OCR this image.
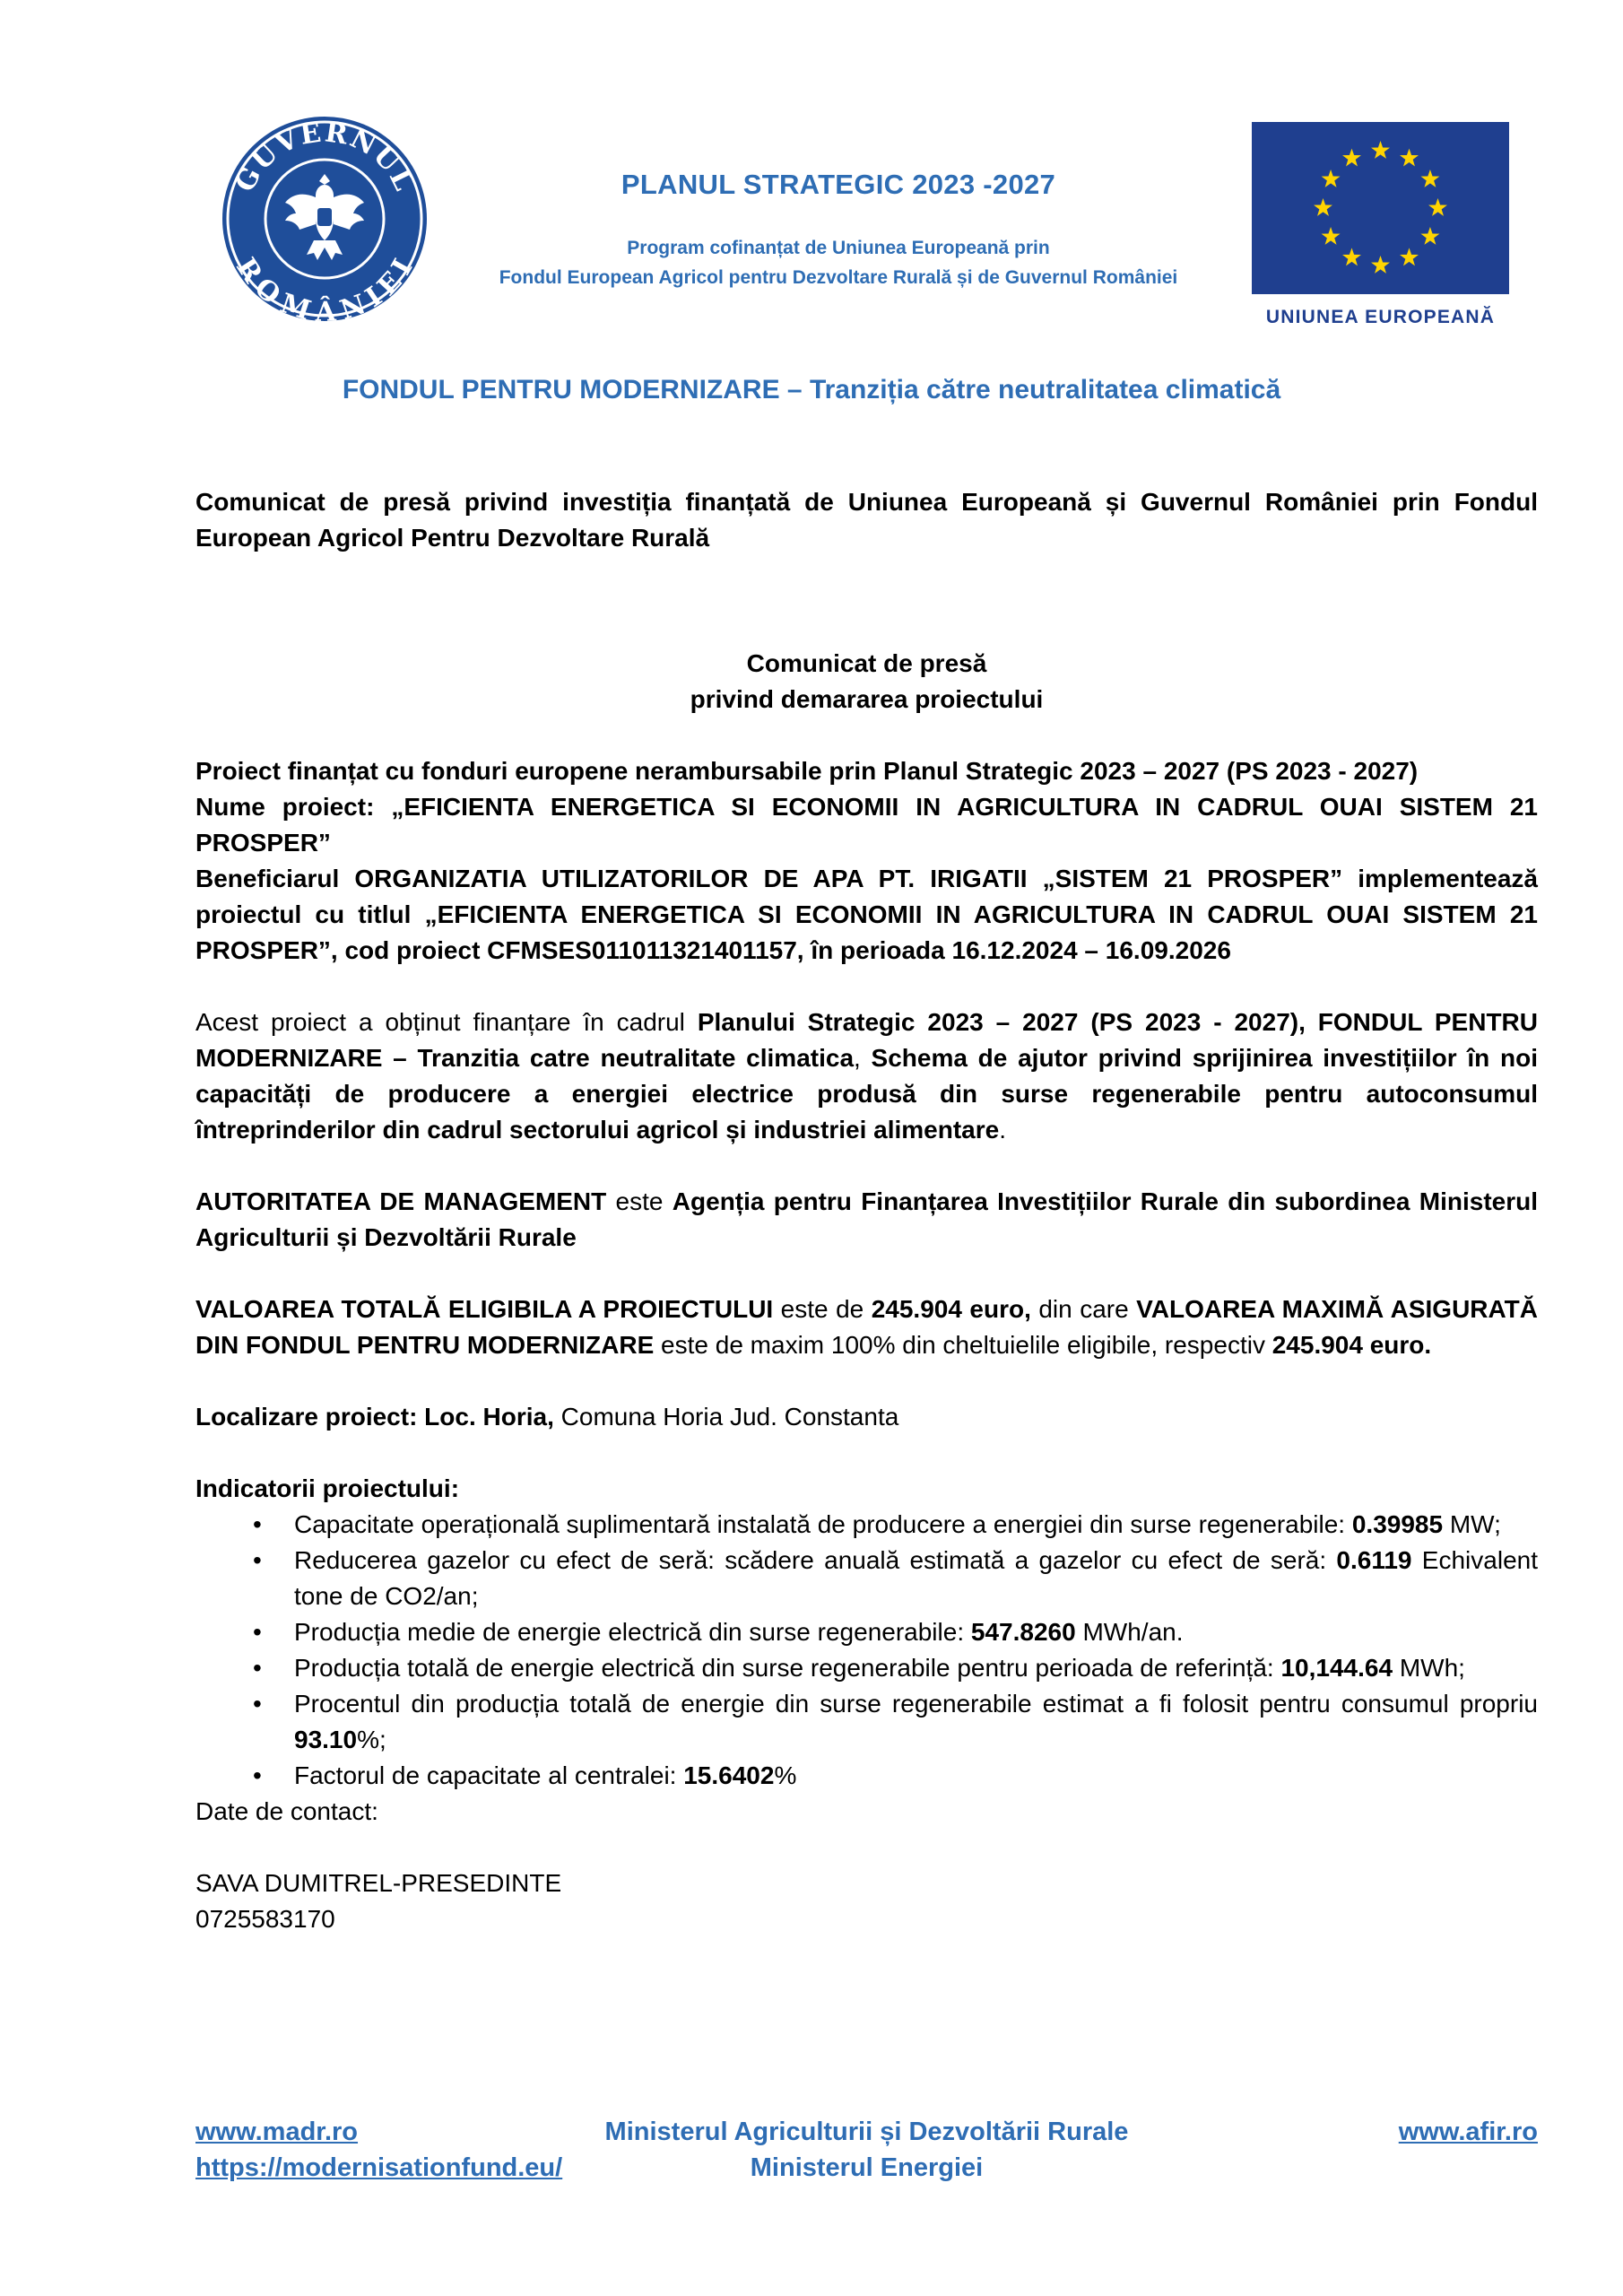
GUVERNUL
ROMÂNIEI
PLANUL STRATEGIC 2023 -2027
Program cofinanțat de Uniunea Europeană prin
Fondul European Agricol pentru Dezvoltare Rurală și de Guvernul României
UNIUNEA EUROPEANĂ
FONDUL PENTRU MODERNIZARE – Tranziția către neutralitatea climatică

Comunicat de presă privind investiția finanțată de Uniunea Europeană și Guvernul României prin Fondul European Agricol Pentru Dezvoltare Rurală

Comunicat de presă

privind demararea proiectului

Proiect finanțat cu fonduri europene nerambursabile prin Planul Strategic 2023 – 2027 (PS 2023 - 2027)

Nume proiect: „EFICIENTA ENERGETICA SI ECONOMII IN AGRICULTURA IN CADRUL OUAI SISTEM 21 PROSPER”

Beneficiarul ORGANIZATIA UTILIZATORILOR DE APA PT. IRIGATII „SISTEM 21 PROSPER” implementează proiectul cu titlul „EFICIENTA ENERGETICA SI ECONOMII IN AGRICULTURA IN CADRUL OUAI SISTEM 21 PROSPER”, cod proiect CFMSES011011321401157, în perioada 16.12.2024 – 16.09.2026

Acest proiect a obținut finanțare în cadrul Planului Strategic 2023 – 2027 (PS 2023 - 2027), FONDUL PENTRU MODERNIZARE – Tranzitia catre neutralitate climatica, Schema de ajutor privind sprijinirea investițiilor în noi capacități de producere a energiei electrice produsă din surse regenerabile pentru autoconsumul întreprinderilor din cadrul sectorului agricol și industriei alimentare.

AUTORITATEA DE MANAGEMENT este Agenția pentru Finanțarea Investițiilor Rurale din subordinea Ministerul Agriculturii și Dezvoltării Rurale

VALOAREA TOTALĂ ELIGIBILA A PROIECTULUI este de 245.904 euro, din care VALOAREA MAXIMĂ ASIGURATĂ DIN FONDUL PENTRU MODERNIZARE este de maxim 100% din cheltuielile eligibile, respectiv 245.904 euro.

Localizare proiect: Loc. Horia, Comuna Horia Jud. Constanta

Indicatorii proiectului:

• Capacitate operațională suplimentară instalată de producere a energiei din surse regenerabile: 0.39985 MW;
• Reducerea gazelor cu efect de seră: scădere anuală estimată a gazelor cu efect de seră: 0.6119 Echivalent tone de CO2/an;
• Producția medie de energie electrică din surse regenerabile: 547.8260 MWh/an.
• Producția totală de energie electrică din surse regenerabile pentru perioada de referință: 10,144.64 MWh;
• Procentul din producția totală de energie din surse regenerabile estimat a fi folosit pentru consumul propriu 93.10%;
• Factorul de capacitate al centralei: 15.6402%

Date de contact:

SAVA DUMITREL-PRESEDINTE

0725583170

www.madr.ro	Ministerul Agriculturii și Dezvoltării Rurale	www.afir.ro
https://modernisationfund.eu/	Ministerul Energiei
